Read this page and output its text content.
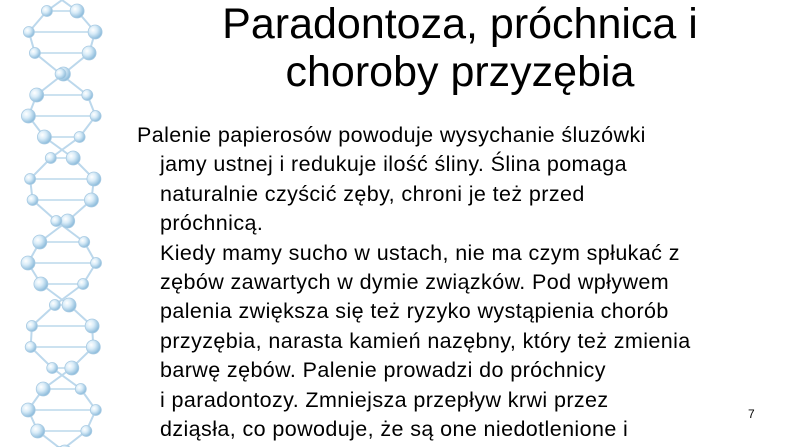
Paradontoza, próchnica i
choroby przyzębia
Palenie papierosów powoduje wysychanie śluzówki
jamy ustnej i redukuje ilość śliny. Ślina pomaga
naturalnie czyścić zęby, chroni je też przed
próchnicą.
Kiedy mamy sucho w ustach, nie ma czym spłukać z
zębów zawartych w dymie związków. Pod wpływem
palenia zwiększa się też ryzyko wystąpienia chorób
przyzębia, narasta kamień nazębny, który też zmienia
barwę zębów. Palenie prowadzi do próchnicy
i paradontozy. Zmniejsza przepływ krwi przez
dziąsła, co powoduje, że są one niedotlenione i
7
